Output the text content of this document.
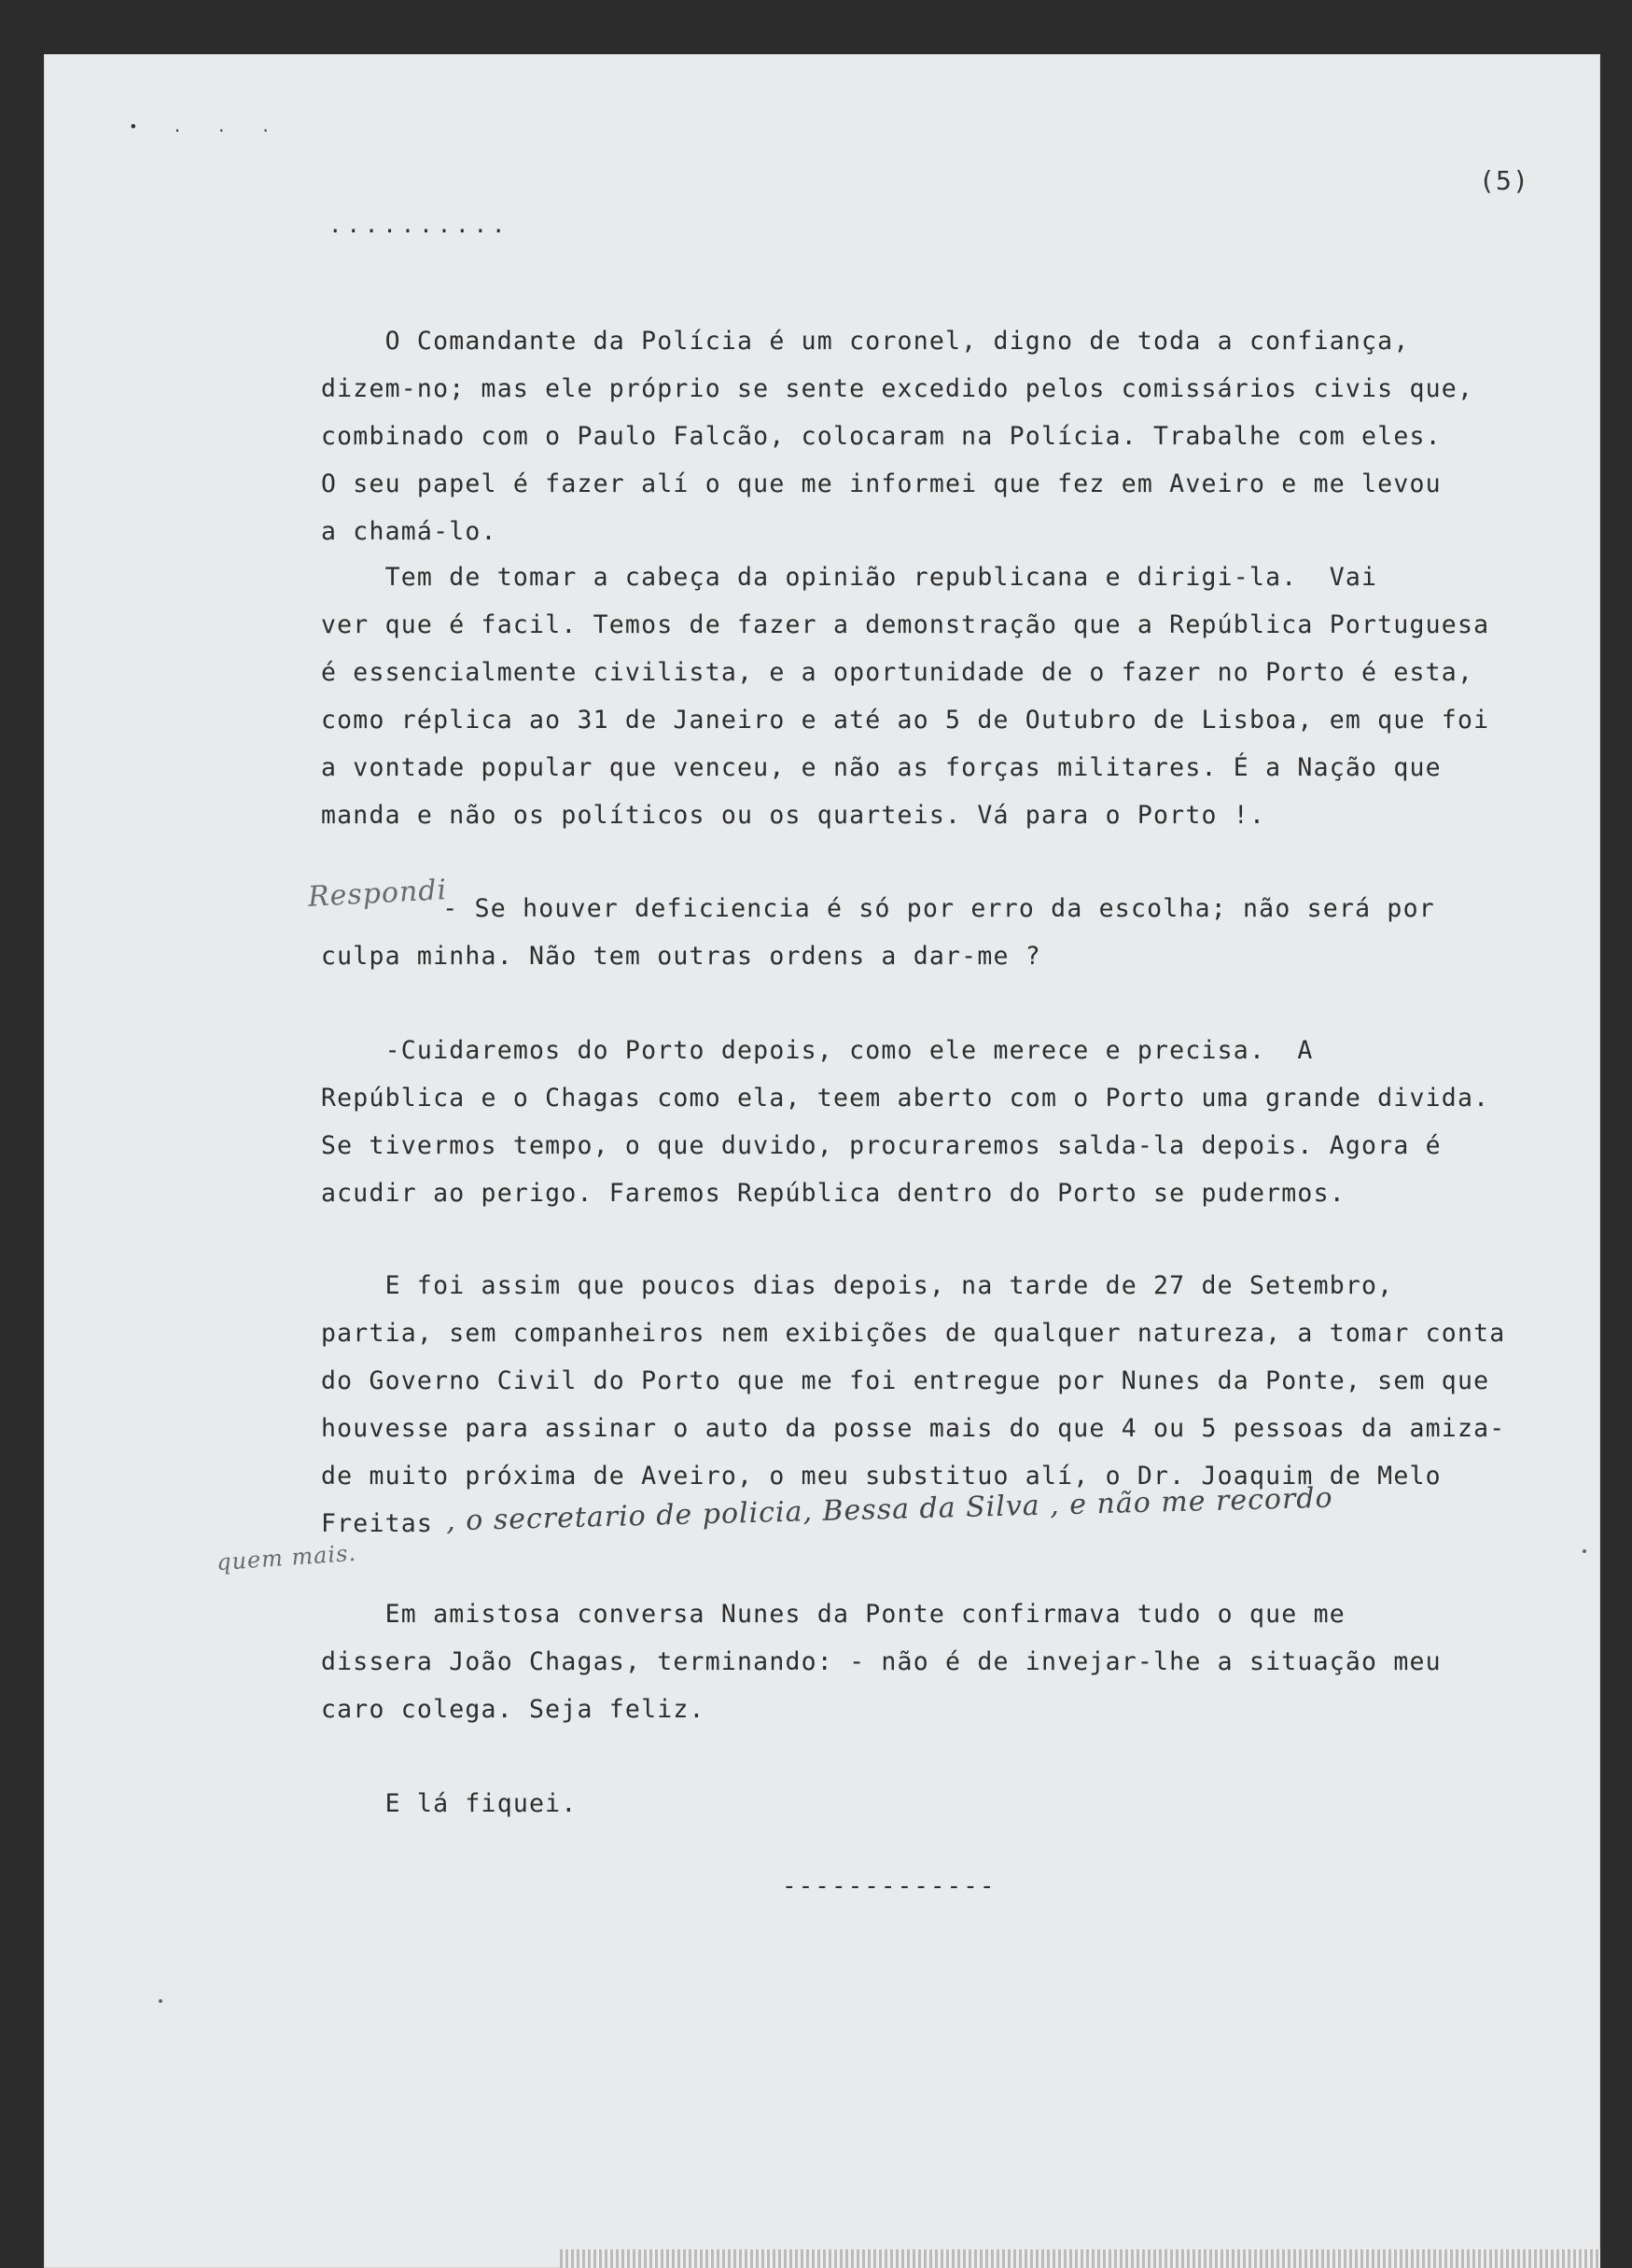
• . . .
(5)
..........
O Comandante da Polícia é um coronel, digno de toda a confiança,
dizem-no; mas ele próprio se sente excedido pelos comissários civis que,
combinado com o Paulo Falcão, colocaram na Polícia. Trabalhe com eles.
O seu papel é fazer alí o que me informei que fez em Aveiro e me levou
a chamá-lo.
Tem de tomar a cabeça da opinião republicana e dirigi-la.  Vai
ver que é facil. Temos de fazer a demonstração que a República Portuguesa
é essencialmente civilista, e a oportunidade de o fazer no Porto é esta,
como réplica ao 31 de Janeiro e até ao 5 de Outubro de Lisboa, em que foi
a vontade popular que venceu, e não as forças militares. É a Nação que
manda e não os políticos ou os quarteis. Vá para o Porto !.
Respondi
- Se houver deficiencia é só por erro da escolha; não será por
culpa minha. Não tem outras ordens a dar-me ?
-Cuidaremos do Porto depois, como ele merece e precisa.  A
República e o Chagas como ela, teem aberto com o Porto uma grande divida.
Se tivermos tempo, o que duvido, procuraremos salda-la depois. Agora é
acudir ao perigo. Faremos República dentro do Porto se pudermos.
E foi assim que poucos dias depois, na tarde de 27 de Setembro,
partia, sem companheiros nem exibições de qualquer natureza, a tomar conta
do Governo Civil do Porto que me foi entregue por Nunes da Ponte, sem que
houvesse para assinar o auto da posse mais do que 4 ou 5 pessoas da amiza-
de muito próxima de Aveiro, o meu substituo alí, o Dr. Joaquim de Melo
Freitas , o secretario de policia, Bessa da Silva , e não me recordo
quem mais.
Em amistosa conversa Nunes da Ponte confirmava tudo o que me
dissera João Chagas, terminando: - não é de invejar-lhe a situação meu
caro colega. Seja feliz.
E lá fiquei.
-------------
